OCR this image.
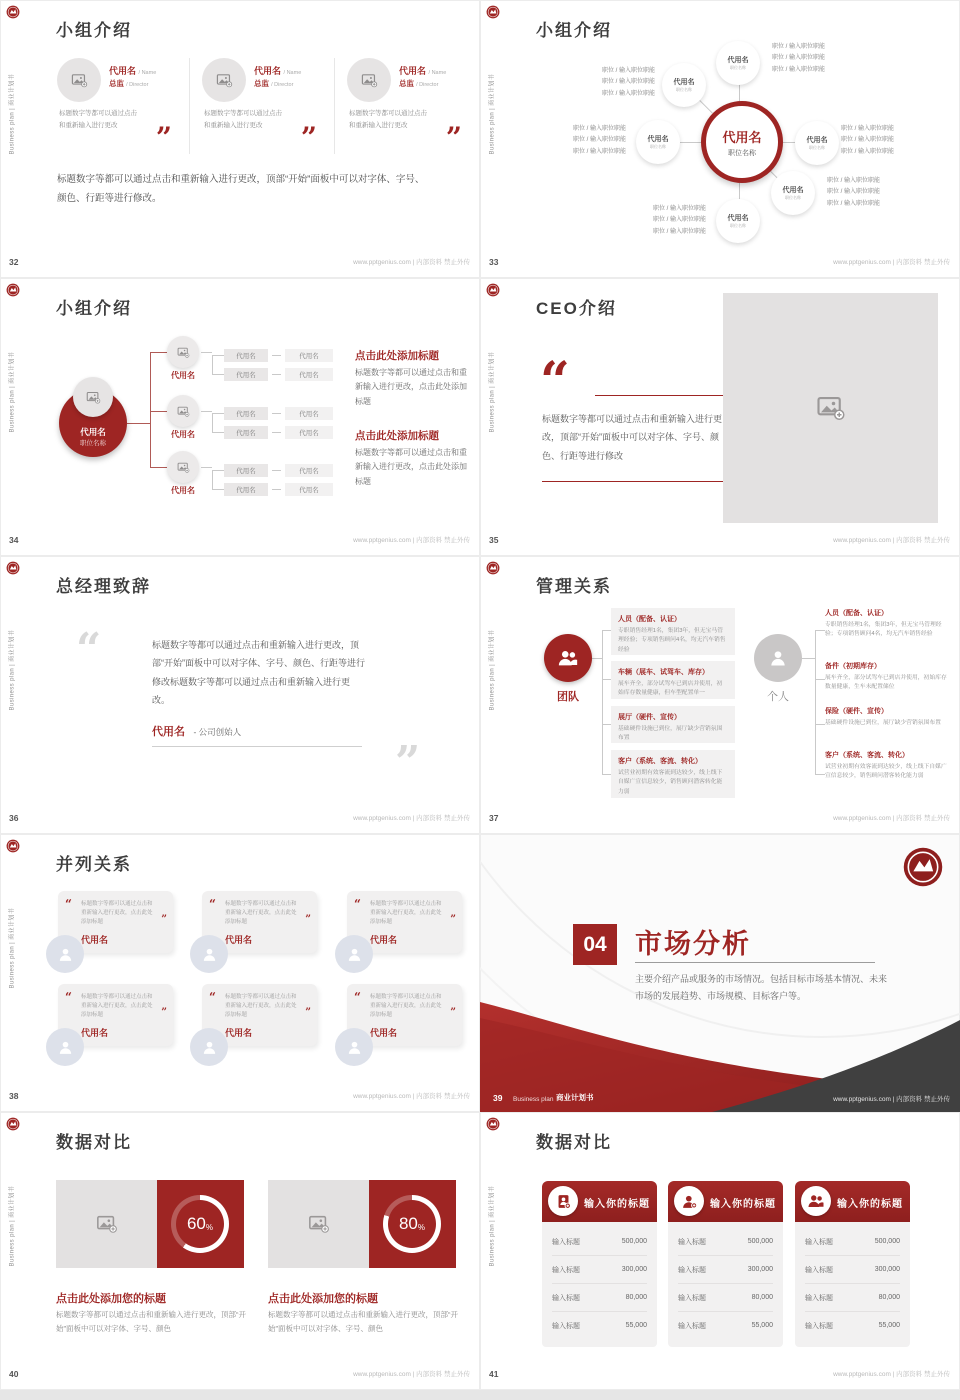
Business plan | 商业计划书
小组介绍
代用名 / Name
总监 / Director
标题数字等都可以通过点击和重新输入进行更改	”
代用名 / Name
总监 / Director
标题数字等都可以通过点击和重新输入进行更改	”
代用名 / Name
总监 / Director
标题数字等都可以通过点击和重新输入进行更改	”
标题数字等都可以通过点击和重新输入进行更改，顶部“开始”面板中可以对字体、字号、颜色、行距等进行修改。
32	www.pptgenius.com | 内部资料 禁止外传
Business plan | 商业计划书
小组介绍
代用名
职位名称
代用名
职位名称
代用名
职位名称
代用名
职位名称
代用名
职位名称
代用名
职位名称
代用名
职位名称
职位 / 输入职位职能
职位 / 输入职位职能
职位 / 输入职位职能
职位 / 输入职位职能
职位 / 输入职位职能
职位 / 输入职位职能
职位 / 输入职位职能
职位 / 输入职位职能
职位 / 输入职位职能
职位 / 输入职位职能
职位 / 输入职位职能
职位 / 输入职位职能
职位 / 输入职位职能
职位 / 输入职位职能
职位 / 输入职位职能
职位 / 输入职位职能
职位 / 输入职位职能
职位 / 输入职位职能
33	www.pptgenius.com | 内部资料 禁止外传
Business plan | 商业计划书
小组介绍
代用名
职位名称
代用名
代用名	代用名
代用名	代用名
代用名
代用名	代用名
代用名	代用名
代用名
代用名	代用名
代用名	代用名
点击此处添加标题
标题数字等都可以通过点击和重新输入进行更改，点击此处添加标题
点击此处添加标题
标题数字等都可以通过点击和重新输入进行更改，点击此处添加标题
34	www.pptgenius.com | 内部资料 禁止外传
Business plan | 商业计划书
CEO介绍
“
标题数字等都可以通过点击和重新输入进行更改，顶部“开始”面板中可以对字体、字号、颜色、行距等进行修改
35	www.pptgenius.com | 内部资料 禁止外传
Business plan | 商业计划书
总经理致辞
“	标题数字等都可以通过点击和重新输入进行更改，顶部“开始”面板中可以对字体、字号、颜色、行距等进行修改标题数字等都可以通过点击和重新输入进行更改。
代用名 - 公司创始人
”
36	www.pptgenius.com | 内部资料 禁止外传
Business plan | 商业计划书
管理关系
团队
人员（配备、认证）
专职销售经理1名，集团3年，但无宝马管理经验；专项销售顾问4名，均无汽车销售经验
车辆（展车、试驾车、库存）
展车齐全，部分试驾车已到店并使用，初始库存数量健康，但车型配置单一
展厅（硬件、宣传）
基础硬件设施已到位，展厅缺少营销氛围布置
客户（系统、客流、转化）
试营业初期有效客流到达较少，线上线下自媒广宣信息较少，销售顾问潜客转化能力弱
个人
人员（配备、认证）
专职销售经理1名，集团3年，但无宝马管理经验；专项销售顾问4名，均无汽车销售经验
备件（初期库存）
展车齐全，部分试驾车已到店并使用，初始库存数量健康，生车未配置储位
保险（硬件、宣传）
基础硬件设施已到位，展厅缺少营销氛围布置
客户（系统、客流、转化）
试营业初期有效客流到达较少，线上线下自媒广宣信息较少，销售顾问潜客转化能力弱
37	www.pptgenius.com | 内部资料 禁止外传
Business plan | 商业计划书
并列关系
“ 标题数字等都可以通过点击和重新输入进行更改，点击此处添加标题	”
代用名
“ 标题数字等都可以通过点击和重新输入进行更改，点击此处添加标题	”
代用名
“ 标题数字等都可以通过点击和重新输入进行更改，点击此处添加标题	”
代用名
“ 标题数字等都可以通过点击和重新输入进行更改，点击此处添加标题	”
代用名
“ 标题数字等都可以通过点击和重新输入进行更改，点击此处添加标题	”
代用名
“ 标题数字等都可以通过点击和重新输入进行更改，点击此处添加标题	”
代用名
38	www.pptgenius.com | 内部资料 禁止外传
04 市场分析
主要介绍产品或服务的市场情况。包括目标市场基本情况、未来市场的发展趋势、市场规模、目标客户等。
39 Business plan 商业计划书	www.pptgenius.com | 内部资料 禁止外传
Business plan | 商业计划书
数据对比
60 %
点击此处添加您的标题
标题数字等都可以通过点击和重新输入进行更改，顶部“开始”面板中可以对字体、字号、颜色
80 %
点击此处添加您的标题
标题数字等都可以通过点击和重新输入进行更改，顶部“开始”面板中可以对字体、字号、颜色
40	www.pptgenius.com | 内部资料 禁止外传
Business plan | 商业计划书
数据对比
输入你的标题
输入标题	500,000
输入标题	300,000
输入标题	80,000
输入标题	55,000
输入你的标题
输入标题	500,000
输入标题	300,000
输入标题	80,000
输入标题	55,000
输入你的标题
输入标题	500,000
输入标题	300,000
输入标题	80,000
输入标题	55,000
41	www.pptgenius.com | 内部资料 禁止外传
